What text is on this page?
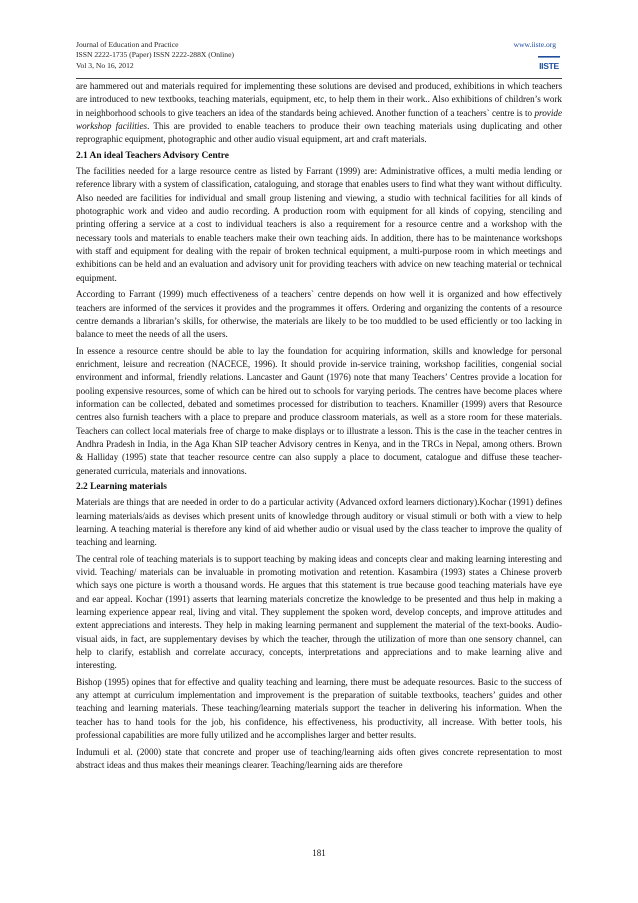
Journal of Education and Practice
ISSN 2222-1735 (Paper) ISSN 2222-288X (Online)
Vol 3, No 16, 2012
www.iiste.org
IISTE

are hammered out and materials required for implementing these solutions are devised and produced, exhibitions in which teachers are introduced to new textbooks, teaching materials, equipment, etc, to help them in their work.. Also exhibitions of children’s work in neighborhood schools to give teachers an idea of the standards being achieved. Another function of a teachers` centre is to provide workshop facilities. This are provided to enable teachers to produce their own teaching materials using duplicating and other reprographic equipment, photographic and other audio visual equipment, art and craft materials.

2.1 An ideal Teachers Advisory Centre

The facilities needed for a large resource centre as listed by Farrant (1999) are: Administrative offices, a multi media lending or reference library with a system of classification, cataloguing, and storage that enables users to find what they want without difficulty. Also needed are facilities for individual and small group listening and viewing, a studio with technical facilities for all kinds of photographic work and video and audio recording. A production room with equipment for all kinds of copying, stenciling and printing offering a service at a cost to individual teachers is also a requirement for a resource centre and a workshop with the necessary tools and materials to enable teachers make their own teaching aids. In addition, there has to be maintenance workshops with staff and equipment for dealing with the repair of broken technical equipment, a multi-purpose room in which meetings and exhibitions can be held and an evaluation and advisory unit for providing teachers with advice on new teaching material or technical equipment.

According to Farrant (1999) much effectiveness of a teachers` centre depends on how well it is organized and how effectively teachers are informed of the services it provides and the programmes it offers. Ordering and organizing the contents of a resource centre demands a librarian’s skills, for otherwise, the materials are likely to be too muddled to be used efficiently or too lacking in balance to meet the needs of all the users.

In essence a resource centre should be able to lay the foundation for acquiring information, skills and knowledge for personal enrichment, leisure and recreation (NACECE, 1996). It should provide in-service training, workshop facilities, congenial social environment and informal, friendly relations. Lancaster and Gaunt (1976) note that many Teachers’ Centres provide a location for pooling expensive resources, some of which can be hired out to schools for varying periods. The centres have become places where information can be collected, debated and sometimes processed for distribution to teachers. Knamiller (1999) avers that Resource centres also furnish teachers with a place to prepare and produce classroom materials, as well as a store room for these materials. Teachers can collect local materials free of charge to make displays or to illustrate a lesson. This is the case in the teacher centres in Andhra Pradesh in India, in the Aga Khan SIP teacher Advisory centres in Kenya, and in the TRCs in Nepal, among others. Brown & Halliday (1995) state that teacher resource centre can also supply a place to document, catalogue and diffuse these teacher-generated curricula, materials and innovations.

2.2 Learning materials

Materials are things that are needed in order to do a particular activity (Advanced oxford learners dictionary).Kochar (1991) defines learning materials/aids as devises which present units of knowledge through auditory or visual stimuli or both with a view to help learning. A teaching material is therefore any kind of aid whether audio or visual used by the class teacher to improve the quality of teaching and learning.

The central role of teaching materials is to support teaching by making ideas and concepts clear and making learning interesting and vivid. Teaching/ materials can be invaluable in promoting motivation and retention. Kasambira (1993) states a Chinese proverb which says one picture is worth a thousand words. He argues that this statement is true because good teaching materials have eye and ear appeal. Kochar (1991) asserts that learning materials concretize the knowledge to be presented and thus help in making a learning experience appear real, living and vital. They supplement the spoken word, develop concepts, and improve attitudes and extent appreciations and interests. They help in making learning permanent and supplement the material of the text-books. Audio-visual aids, in fact, are supplementary devises by which the teacher, through the utilization of more than one sensory channel, can help to clarify, establish and correlate accuracy, concepts, interpretations and appreciations and to make learning alive and interesting.

Bishop (1995) opines that for effective and quality teaching and learning, there must be adequate resources. Basic to the success of any attempt at curriculum implementation and improvement is the preparation of suitable textbooks, teachers’ guides and other teaching and learning materials. These teaching/learning materials support the teacher in delivering his information. When the teacher has to hand tools for the job, his confidence, his effectiveness, his productivity, all increase. With better tools, his professional capabilities are more fully utilized and he accomplishes larger and better results.

Indumuli et al. (2000) state that concrete and proper use of teaching/learning aids often gives concrete representation to most abstract ideas and thus makes their meanings clearer. Teaching/learning aids are therefore

181
